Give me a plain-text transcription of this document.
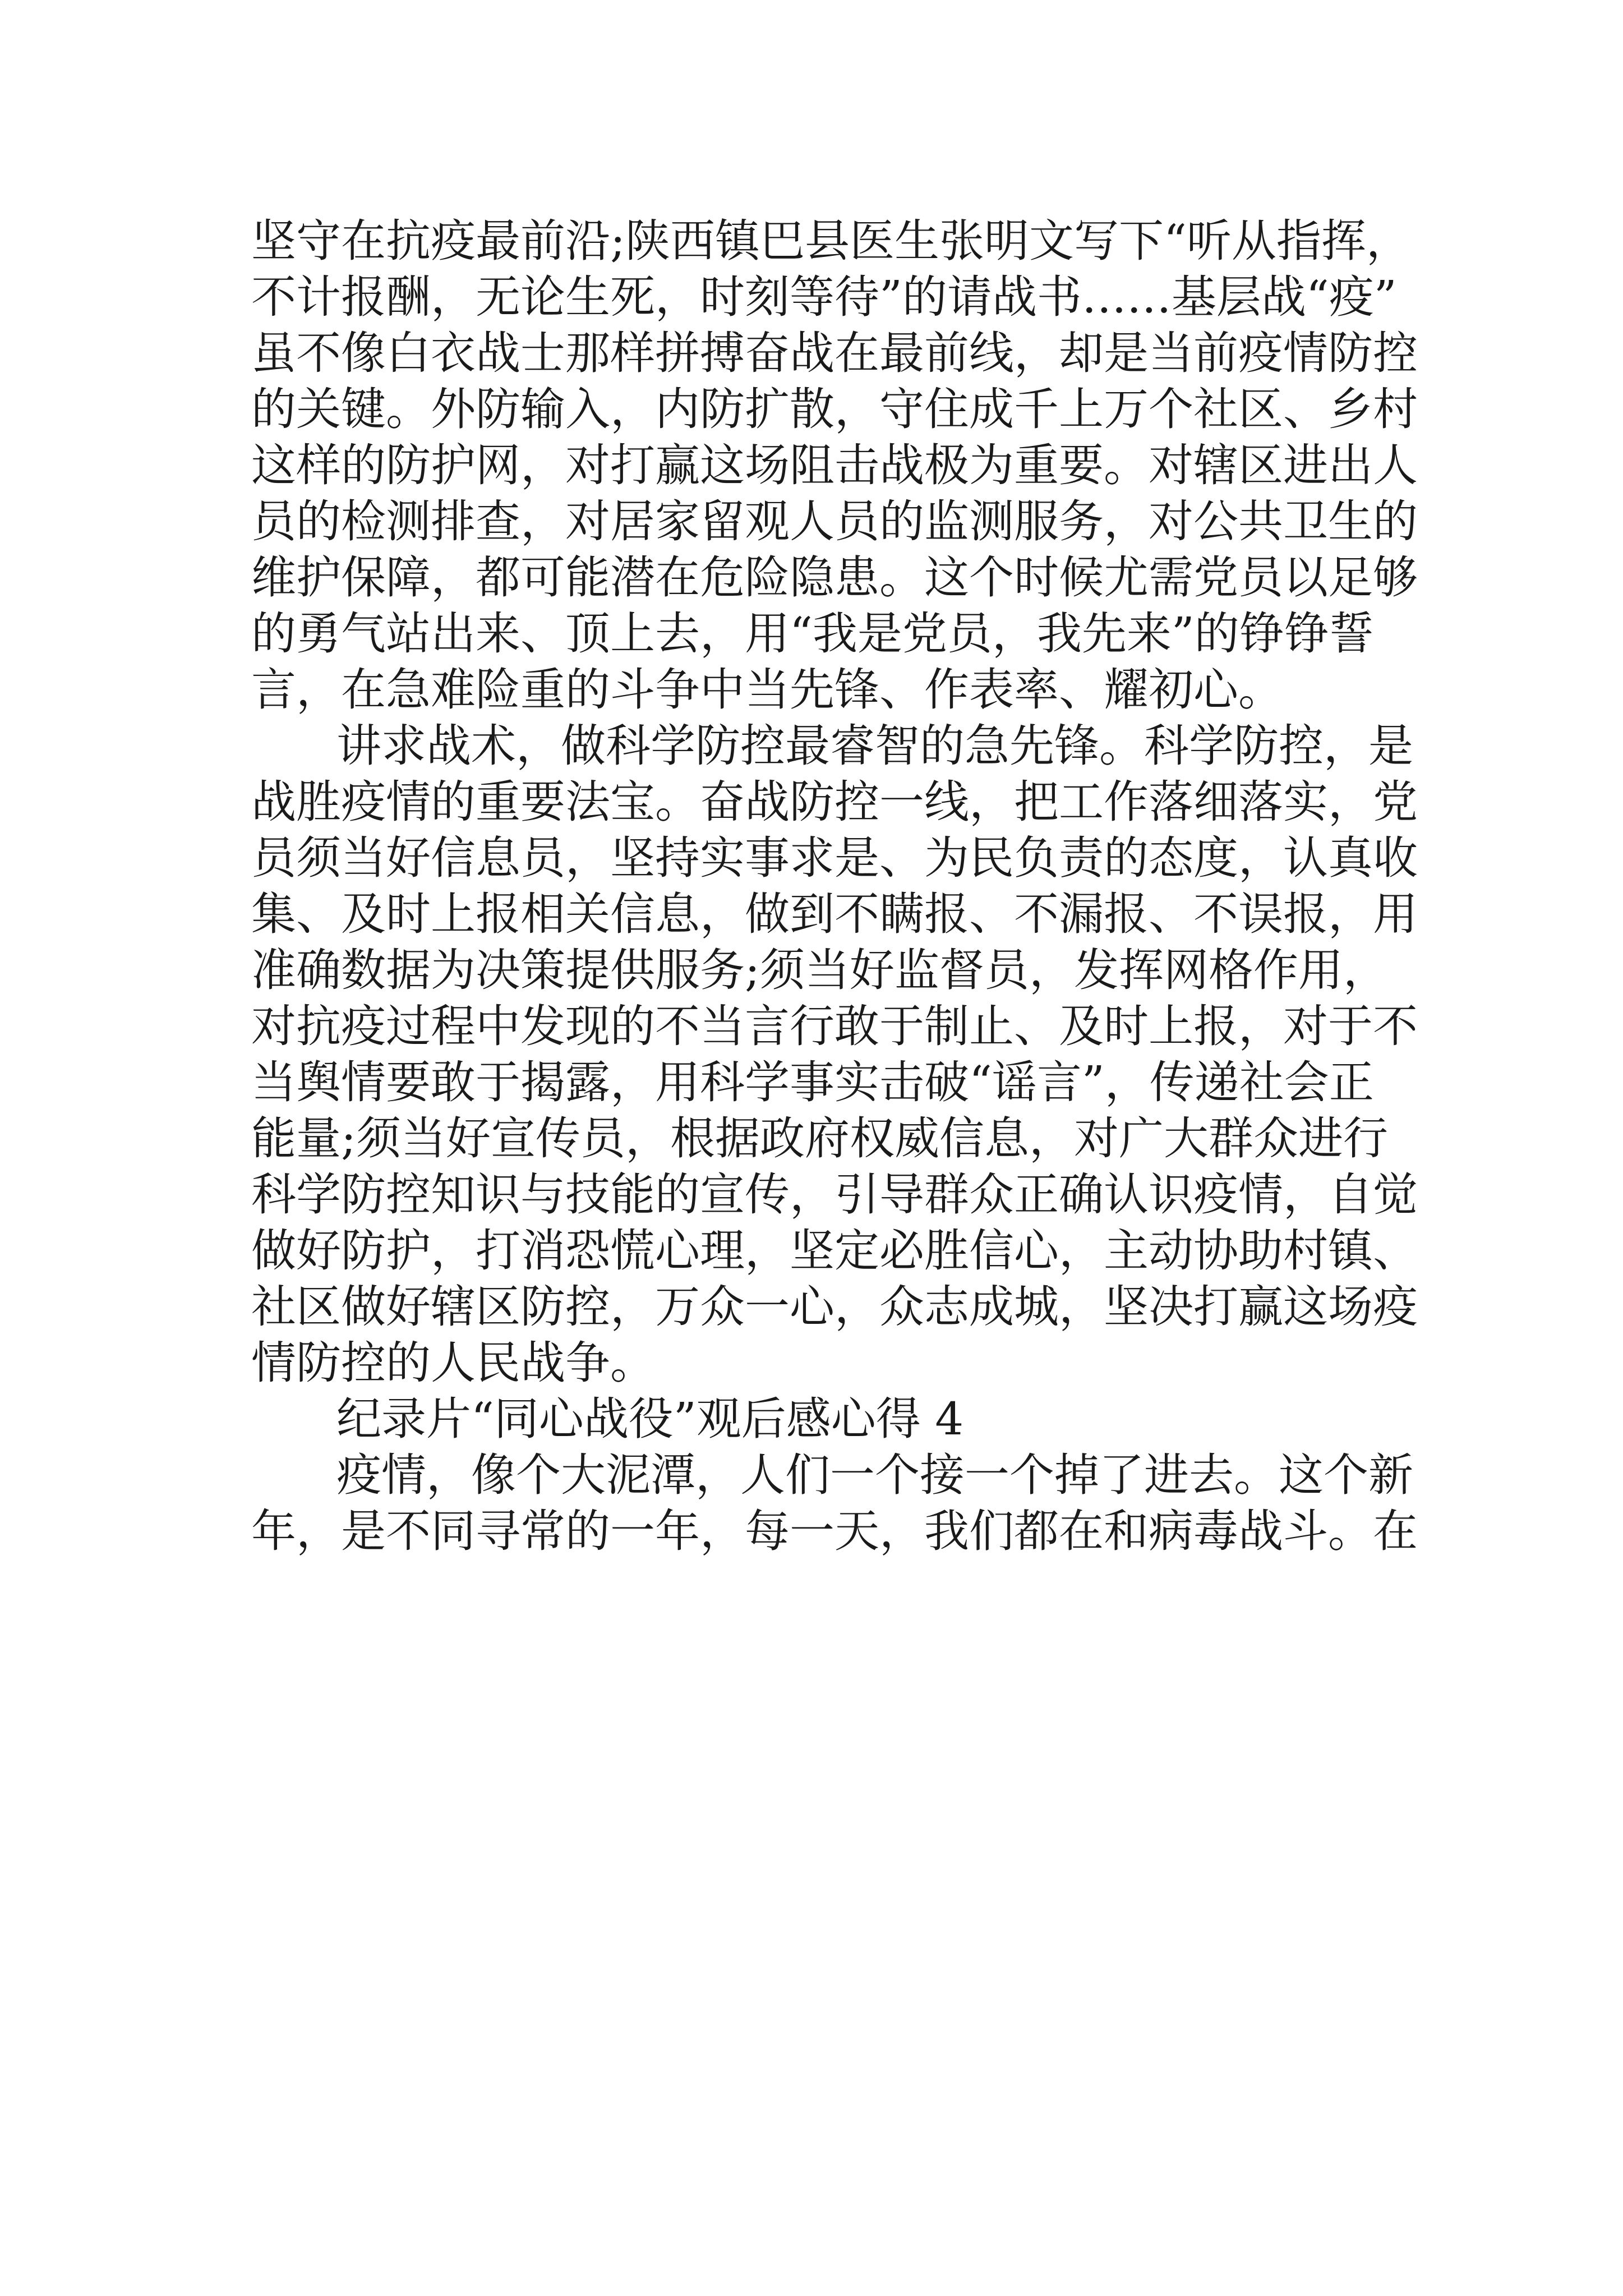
坚守在抗疫最前沿;陕西镇巴县医生张明文写下“听从指挥，
不计报酬，无论生死，时刻等待”的请战书……基层战“疫”
虽不像白衣战士那样拼搏奋战在最前线，却是当前疫情防控
的关键。外防输入，内防扩散，守住成千上万个社区、乡村
这样的防护网，对打赢这场阻击战极为重要。对辖区进出人
员的检测排查，对居家留观人员的监测服务，对公共卫生的
维护保障，都可能潜在危险隐患。这个时候尤需党员以足够
的勇气站出来、顶上去，用“我是党员，我先来”的铮铮誓
言，在急难险重的斗争中当先锋、作表率、耀初心。
讲求战术，做科学防控最睿智的急先锋。科学防控，是
战胜疫情的重要法宝。奋战防控一线，把工作落细落实，党
员须当好信息员，坚持实事求是、为民负责的态度，认真收
集、及时上报相关信息，做到不瞒报、不漏报、不误报，用
准确数据为决策提供服务;须当好监督员，发挥网格作用，
对抗疫过程中发现的不当言行敢于制止、及时上报，对于不
当舆情要敢于揭露，用科学事实击破“谣言”，传递社会正
能量;须当好宣传员，根据政府权威信息，对广大群众进行
科学防控知识与技能的宣传，引导群众正确认识疫情，自觉
做好防护，打消恐慌心理，坚定必胜信心，主动协助村镇、
社区做好辖区防控，万众一心，众志成城，坚决打赢这场疫
情防控的人民战争。
纪录片“同心战役”观后感心得 4
疫情，像个大泥潭，人们一个接一个掉了进去。这个新
年，是不同寻常的一年，每一天，我们都在和病毒战斗。在
